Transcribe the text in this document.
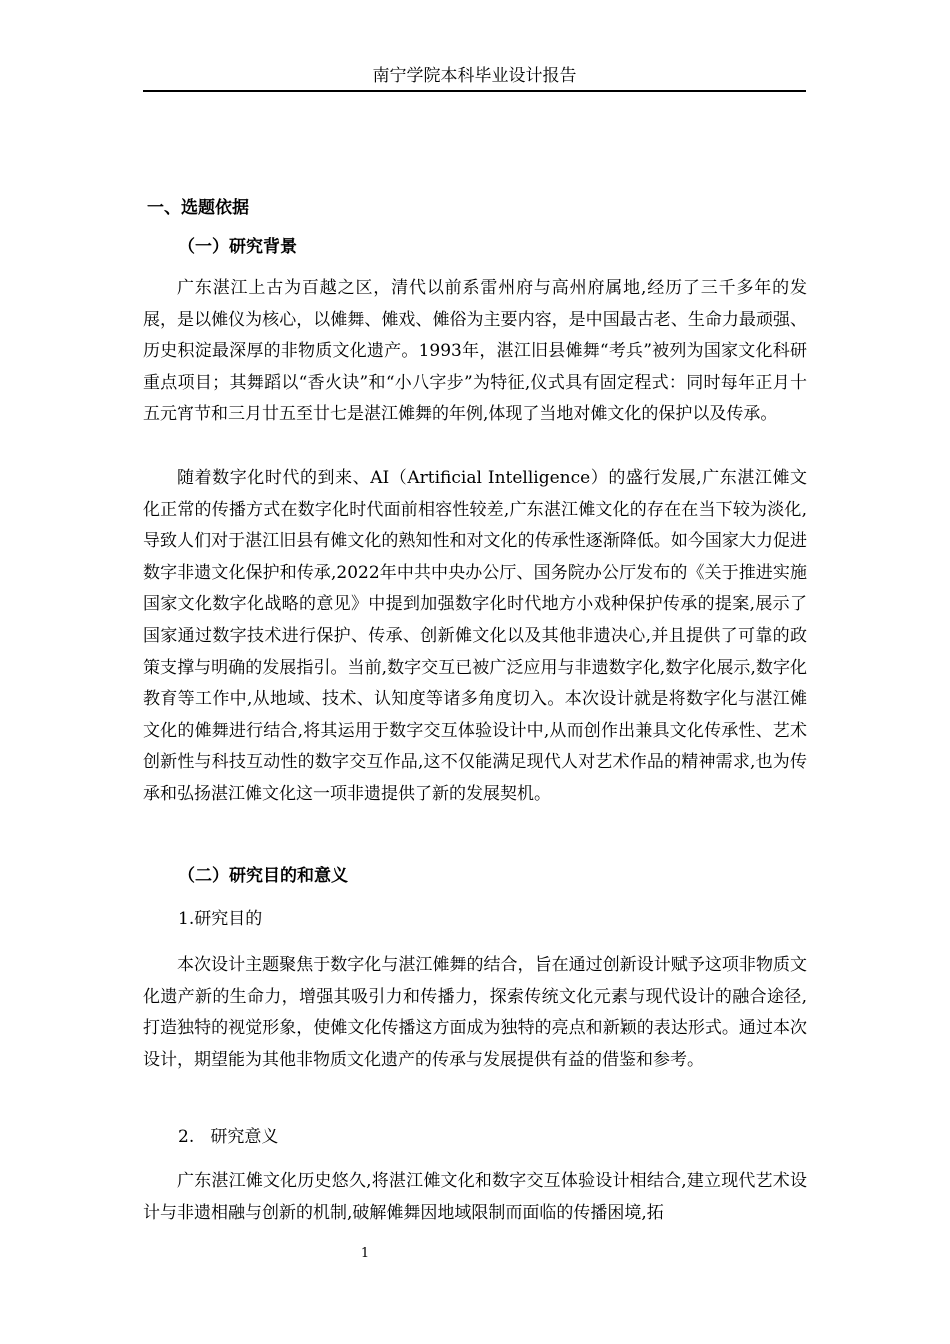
南宁学院本科毕业设计报告
一、选题依据
（一）研究背景

广东湛江上古为百越之区，清代以前系雷州府与高州府属地,经历了三千多年的发展，是以傩仪为核心，以傩舞、傩戏、傩俗为主要内容，是中国最古老、生命力最顽强、历史积淀最深厚的非物质文化遗产。1993年，湛江旧县傩舞“考兵”被列为国家文化科研重点项目；其舞蹈以“香火诀”和“小八字步”为特征,仪式具有固定程式：同时每年正月十五元宵节和三月廿五至廿七是湛江傩舞的年例,体现了当地对傩文化的保护以及传承。

随着数字化时代的到来、AI（Artificial Intelligence）的盛行发展,广东湛江傩文化正常的传播方式在数字化时代面前相容性较差,广东湛江傩文化的存在在当下较为淡化,导致人们对于湛江旧县有傩文化的熟知性和对文化的传承性逐渐降低。如今国家大力促进数字非遗文化保护和传承,2022年中共中央办公厅、国务院办公厅发布的《关于推进实施国家文化数字化战略的意见》中提到加强数字化时代地方小戏种保护传承的提案,展示了国家通过数字技术进行保护、传承、创新傩文化以及其他非遗决心,并且提供了可靠的政策支撑与明确的发展指引。当前,数字交互已被广泛应用与非遗数字化,数字化展示,数字化教育等工作中,从地域、技术、认知度等诸多角度切入。本次设计就是将数字化与湛江傩文化的傩舞进行结合,将其运用于数字交互体验设计中,从而创作出兼具文化传承性、艺术创新性与科技互动性的数字交互作品,这不仅能满足现代人对艺术作品的精神需求,也为传承和弘扬湛江傩文化这一项非遗提供了新的发展契机。

（二）研究目的和意义
1.研究目的

本次设计主题聚焦于数字化与湛江傩舞的结合，旨在通过创新设计赋予这项非物质文化遗产新的生命力，增强其吸引力和传播力，探索传统文化元素与现代设计的融合途径,打造独特的视觉形象，使傩文化传播这方面成为独特的亮点和新颖的表达形式。通过本次设计，期望能为其他非物质文化遗产的传承与发展提供有益的借鉴和参考。

2.   研究意义

广东湛江傩文化历史悠久,将湛江傩文化和数字交互体验设计相结合,建立现代艺术设计与非遗相融与创新的机制,破解傩舞因地域限制而面临的传播困境,拓

1
